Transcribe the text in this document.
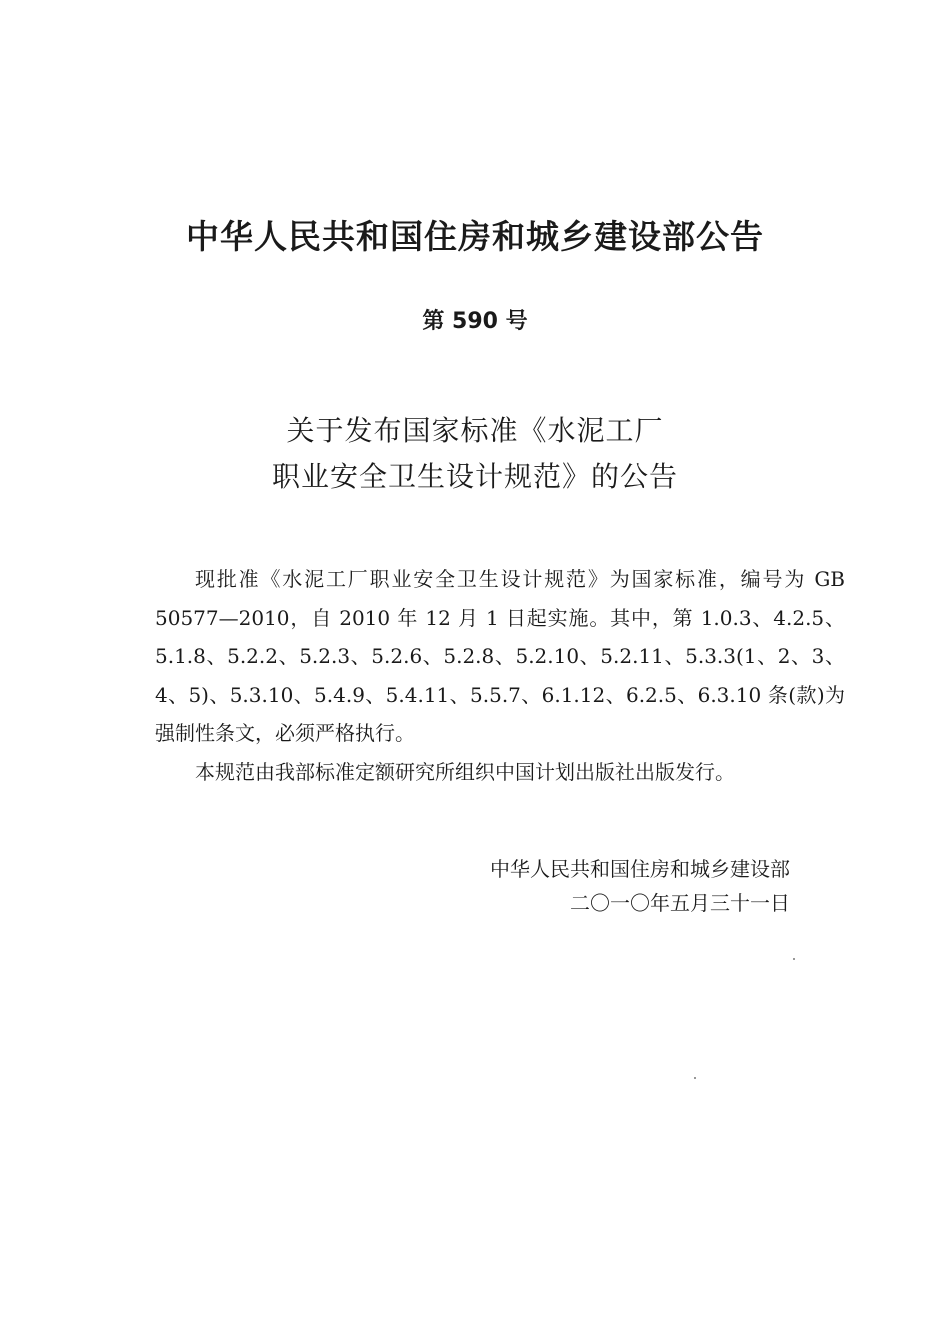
中华人民共和国住房和城乡建设部公告
第 590 号
关于发布国家标准《水泥工厂
职业安全卫生设计规范》的公告

现批准《水泥工厂职业安全卫生设计规范》为国家标准，编号为 GB 50577—2010，自 2010 年 12 月 1 日起实施。其中，第 1.0.3、4.2.5、5.1.8、5.2.2、5.2.3、5.2.6、5.2.8、5.2.10、5.2.11、5.3.3(1、2、3、4、5)、5.3.10、5.4.9、5.4.11、5.5.7、6.1.12、6.2.5、6.3.10 条(款)为强制性条文，必须严格执行。

本规范由我部标准定额研究所组织中国计划出版社出版发行。

中华人民共和国住房和城乡建设部
二〇一〇年五月三十一日
